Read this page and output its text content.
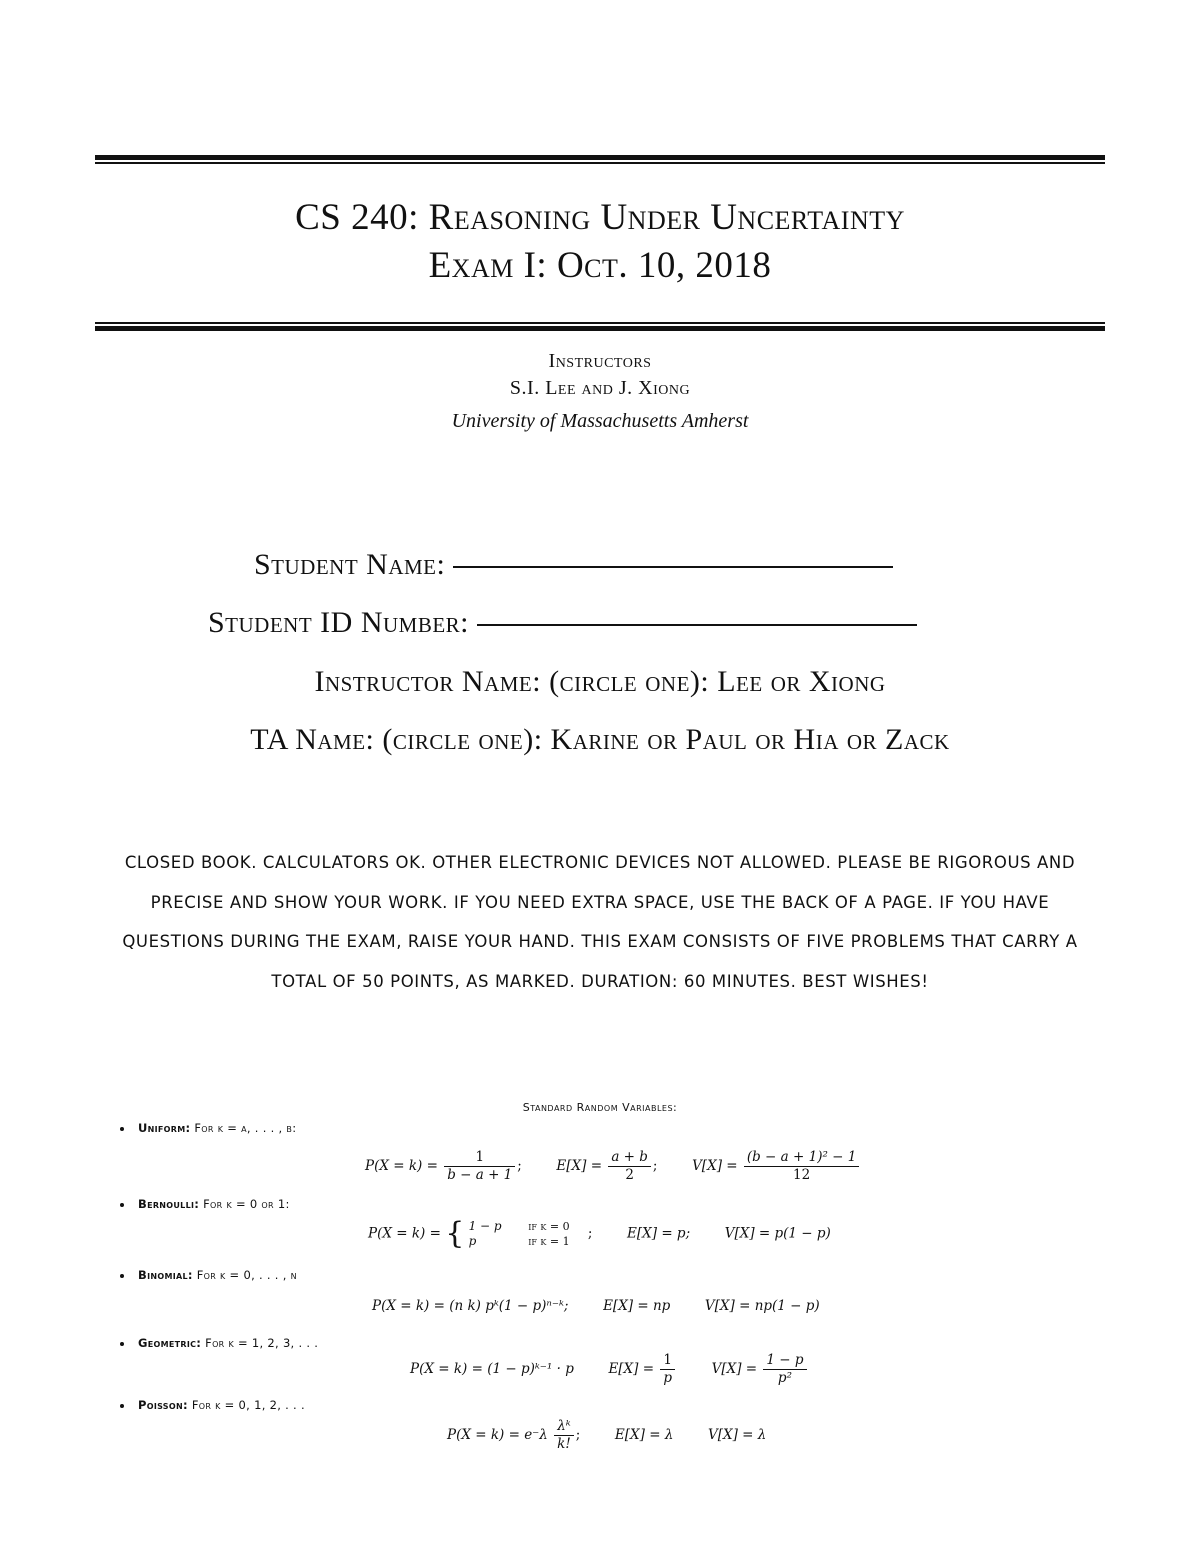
CS 240: Reasoning Under Uncertainty
Exam I: Oct. 10, 2018
Instructors
S.I. Lee and J. Xiong
University of Massachusetts Amherst
Student Name:
Student ID Number:
Instructor Name: (circle one): Lee or Xiong
TA Name: (circle one): Karine or Paul or Hia or Zack
CLOSED BOOK. CALCULATORS OK. OTHER ELECTRONIC DEVICES NOT ALLOWED. PLEASE BE RIGOROUS AND PRECISE AND SHOW YOUR WORK. IF YOU NEED EXTRA SPACE, USE THE BACK OF A PAGE. IF YOU HAVE QUESTIONS DURING THE EXAM, RAISE YOUR HAND. THIS EXAM CONSISTS OF FIVE PROBLEMS THAT CARRY A TOTAL OF 50 POINTS, AS MARKED. DURATION: 60 MINUTES. BEST WISHES!
Standard Random Variables:
Uniform: For k = a, . . . , b:
$P(X = k) = \frac{1}{b - a + 1}$ ;  $E[X] = \frac{a + b}{2}$ ;  $V[X] = \frac{\text{(b − a + 1)² − 1}}{12}$
Bernoulli: For k = 0 or 1:
P(X = k) = { 1 − p
p

if k = 0
if k = 1 ;  E[X] = p;	V[X] = p(1 − p)
Binomial: For k = 0, . . . , n
P(X = k) = (n k) pᵏ(1 − p)ⁿ⁻ᵏ;	E[X] = np	V[X] = np(1 − p)
Geometric: For k = 1, 2, 3, . . .
P(X = k) = (1 − p)ᵏ⁻¹ · p	$E[X] = \frac{1}{p}$	$V[X] = \frac{1 - p}{\text{p²}}$
Poisson: For k = 0, 1, 2, . . .
$P(X = k) = e^-\lambda \frac{\text{λᵏ}}{k!}$ ;  E[X] = λ	V[X] = λ
